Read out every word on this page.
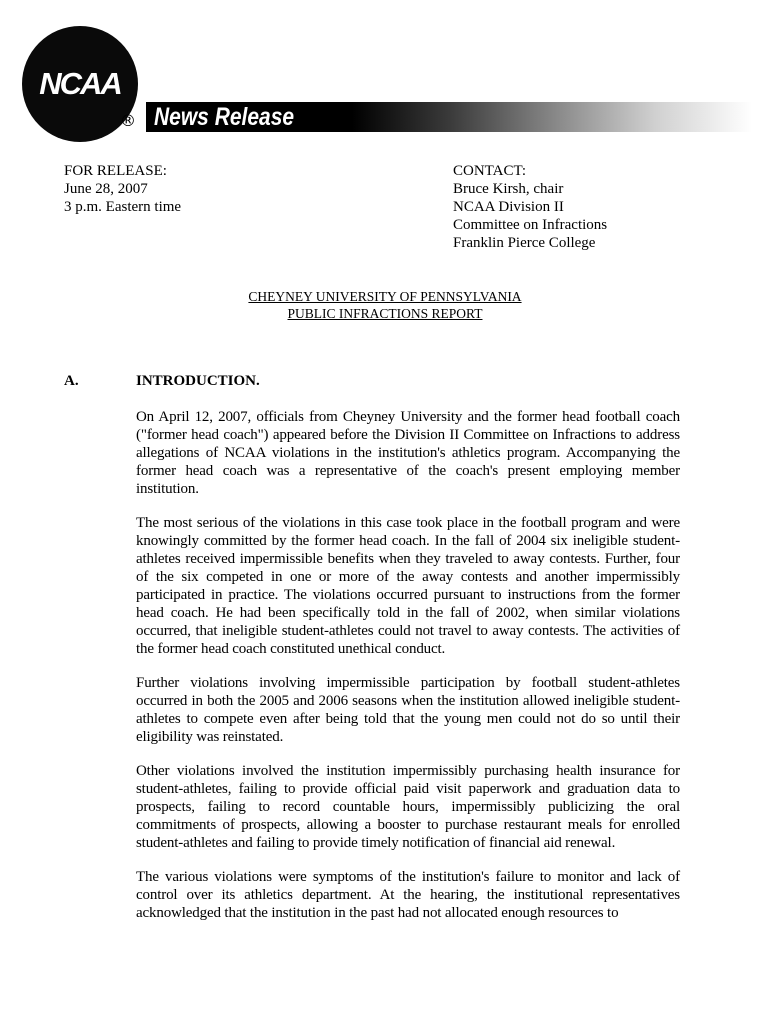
NCAA
® News Release
FOR RELEASE:
June 28, 2007
3 p.m. Eastern time
CONTACT:
Bruce Kirsh, chair
NCAA Division II
Committee on Infractions
Franklin Pierce College
CHEYNEY UNIVERSITY OF PENNSYLVANIA
PUBLIC INFRACTIONS REPORT
A.	INTRODUCTION.

On April 12, 2007, officials from Cheyney University and the former head football coach ("former head coach") appeared before the Division II Committee on Infractions to address allegations of NCAA violations in the institution's athletics program. Accompanying the former head coach was a representative of the coach's present employing member institution.

The most serious of the violations in this case took place in the football program and were knowingly committed by the former head coach. In the fall of 2004 six ineligible student-athletes received impermissible benefits when they traveled to away contests. Further, four of the six competed in one or more of the away contests and another impermissibly participated in practice. The violations occurred pursuant to instructions from the former head coach. He had been specifically told in the fall of 2002, when similar violations occurred, that ineligible student-athletes could not travel to away contests. The activities of the former head coach constituted unethical conduct.

Further violations involving impermissible participation by football student-athletes occurred in both the 2005 and 2006 seasons when the institution allowed ineligible student-athletes to compete even after being told that the young men could not do so until their eligibility was reinstated.

Other violations involved the institution impermissibly purchasing health insurance for student-athletes, failing to provide official paid visit paperwork and graduation data to prospects, failing to record countable hours, impermissibly publicizing the oral commitments of prospects, allowing a booster to purchase restaurant meals for enrolled student-athletes and failing to provide timely notification of financial aid renewal.

The various violations were symptoms of the institution's failure to monitor and lack of control over its athletics department. At the hearing, the institutional representatives acknowledged that the institution in the past had not allocated enough resources to
